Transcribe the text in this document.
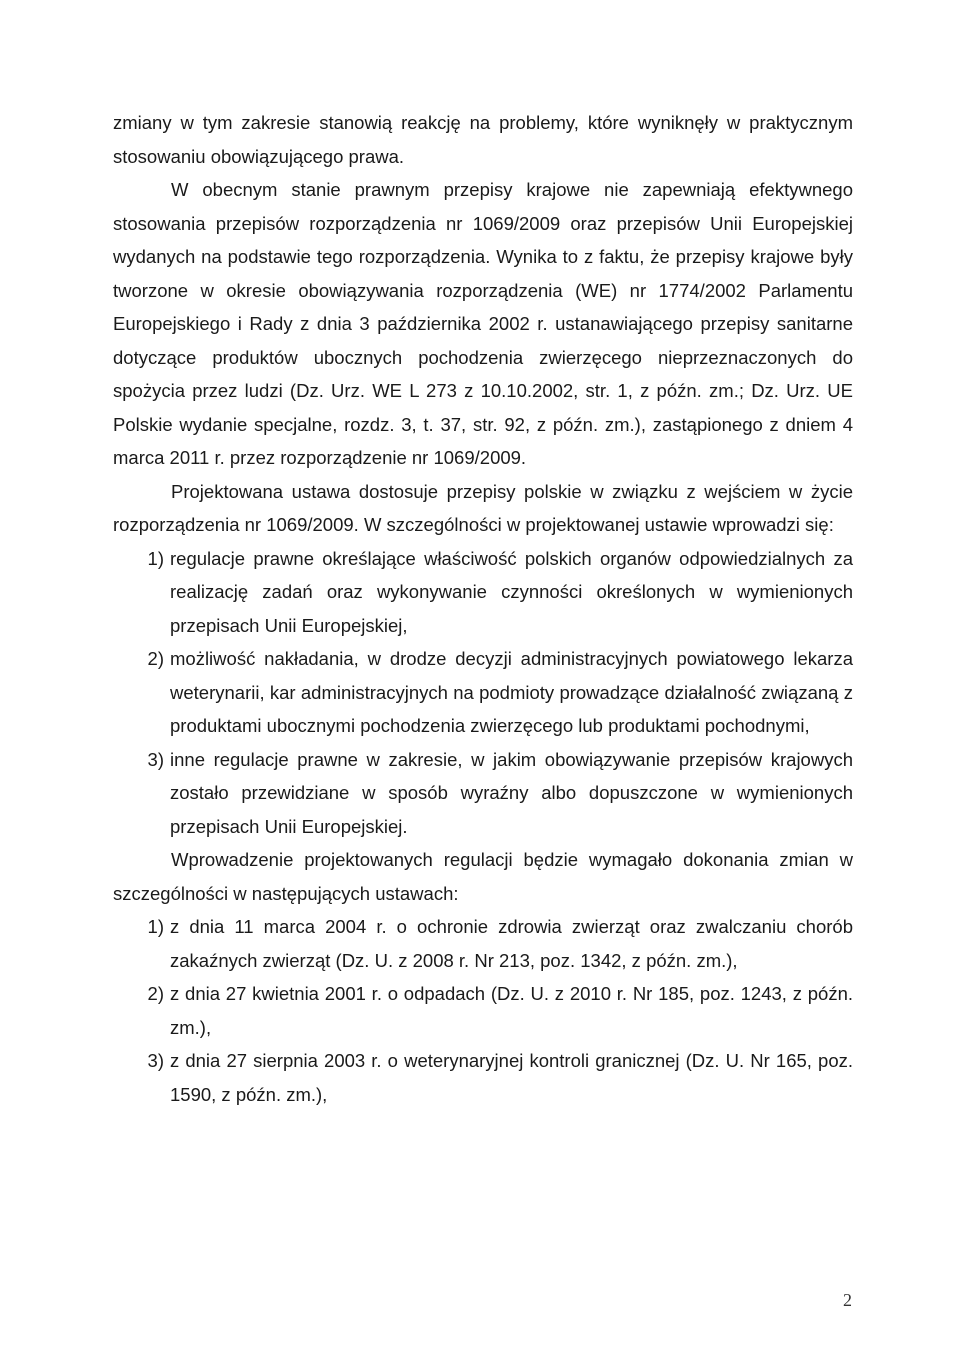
zmiany w tym zakresie stanowią reakcję na problemy, które wyniknęły w praktycznym stosowaniu obowiązującego prawa.

W obecnym stanie prawnym przepisy krajowe nie zapewniają efektywnego stosowania przepisów rozporządzenia nr 1069/2009 oraz przepisów Unii Europejskiej wydanych na podstawie tego rozporządzenia. Wynika to z faktu, że przepisy krajowe były tworzone w okresie obowiązywania rozporządzenia (WE) nr 1774/2002 Parlamentu Europejskiego i Rady z dnia 3 października 2002 r. ustanawiającego przepisy sanitarne dotyczące produktów ubocznych pochodzenia zwierzęcego nieprzeznaczonych do spożycia przez ludzi (Dz. Urz. WE L 273 z 10.10.2002, str. 1, z późn. zm.; Dz. Urz. UE Polskie wydanie specjalne, rozdz. 3, t. 37, str. 92, z późn. zm.), zastąpionego z dniem 4 marca 2011 r. przez rozporządzenie nr 1069/2009.

Projektowana ustawa dostosuje przepisy polskie w związku z wejściem w życie rozporządzenia nr 1069/2009. W szczególności w projektowanej ustawie wprowadzi się:

1) regulacje prawne określające właściwość polskich organów odpowiedzialnych za realizację zadań oraz wykonywanie czynności określonych w wymienionych przepisach Unii Europejskiej,
2) możliwość nakładania, w drodze decyzji administracyjnych powiatowego lekarza weterynarii, kar administracyjnych na podmioty prowadzące działalność związaną z produktami ubocznymi pochodzenia zwierzęcego lub produktami pochodnymi,
3) inne regulacje prawne w zakresie, w jakim obowiązywanie przepisów krajowych zostało przewidziane w sposób wyraźny albo dopuszczone w wymienionych przepisach Unii Europejskiej.

Wprowadzenie projektowanych regulacji będzie wymagało dokonania zmian w szczególności w następujących ustawach:

1) z dnia 11 marca 2004 r. o ochronie zdrowia zwierząt oraz zwalczaniu chorób zakaźnych zwierząt (Dz. U. z 2008 r. Nr 213, poz. 1342, z późn. zm.),
2) z dnia 27 kwietnia 2001 r. o odpadach (Dz. U. z 2010 r. Nr 185, poz. 1243, z późn. zm.),
3) z dnia 27 sierpnia 2003 r. o weterynaryjnej kontroli granicznej (Dz. U. Nr 165, poz. 1590, z późn. zm.),
2
